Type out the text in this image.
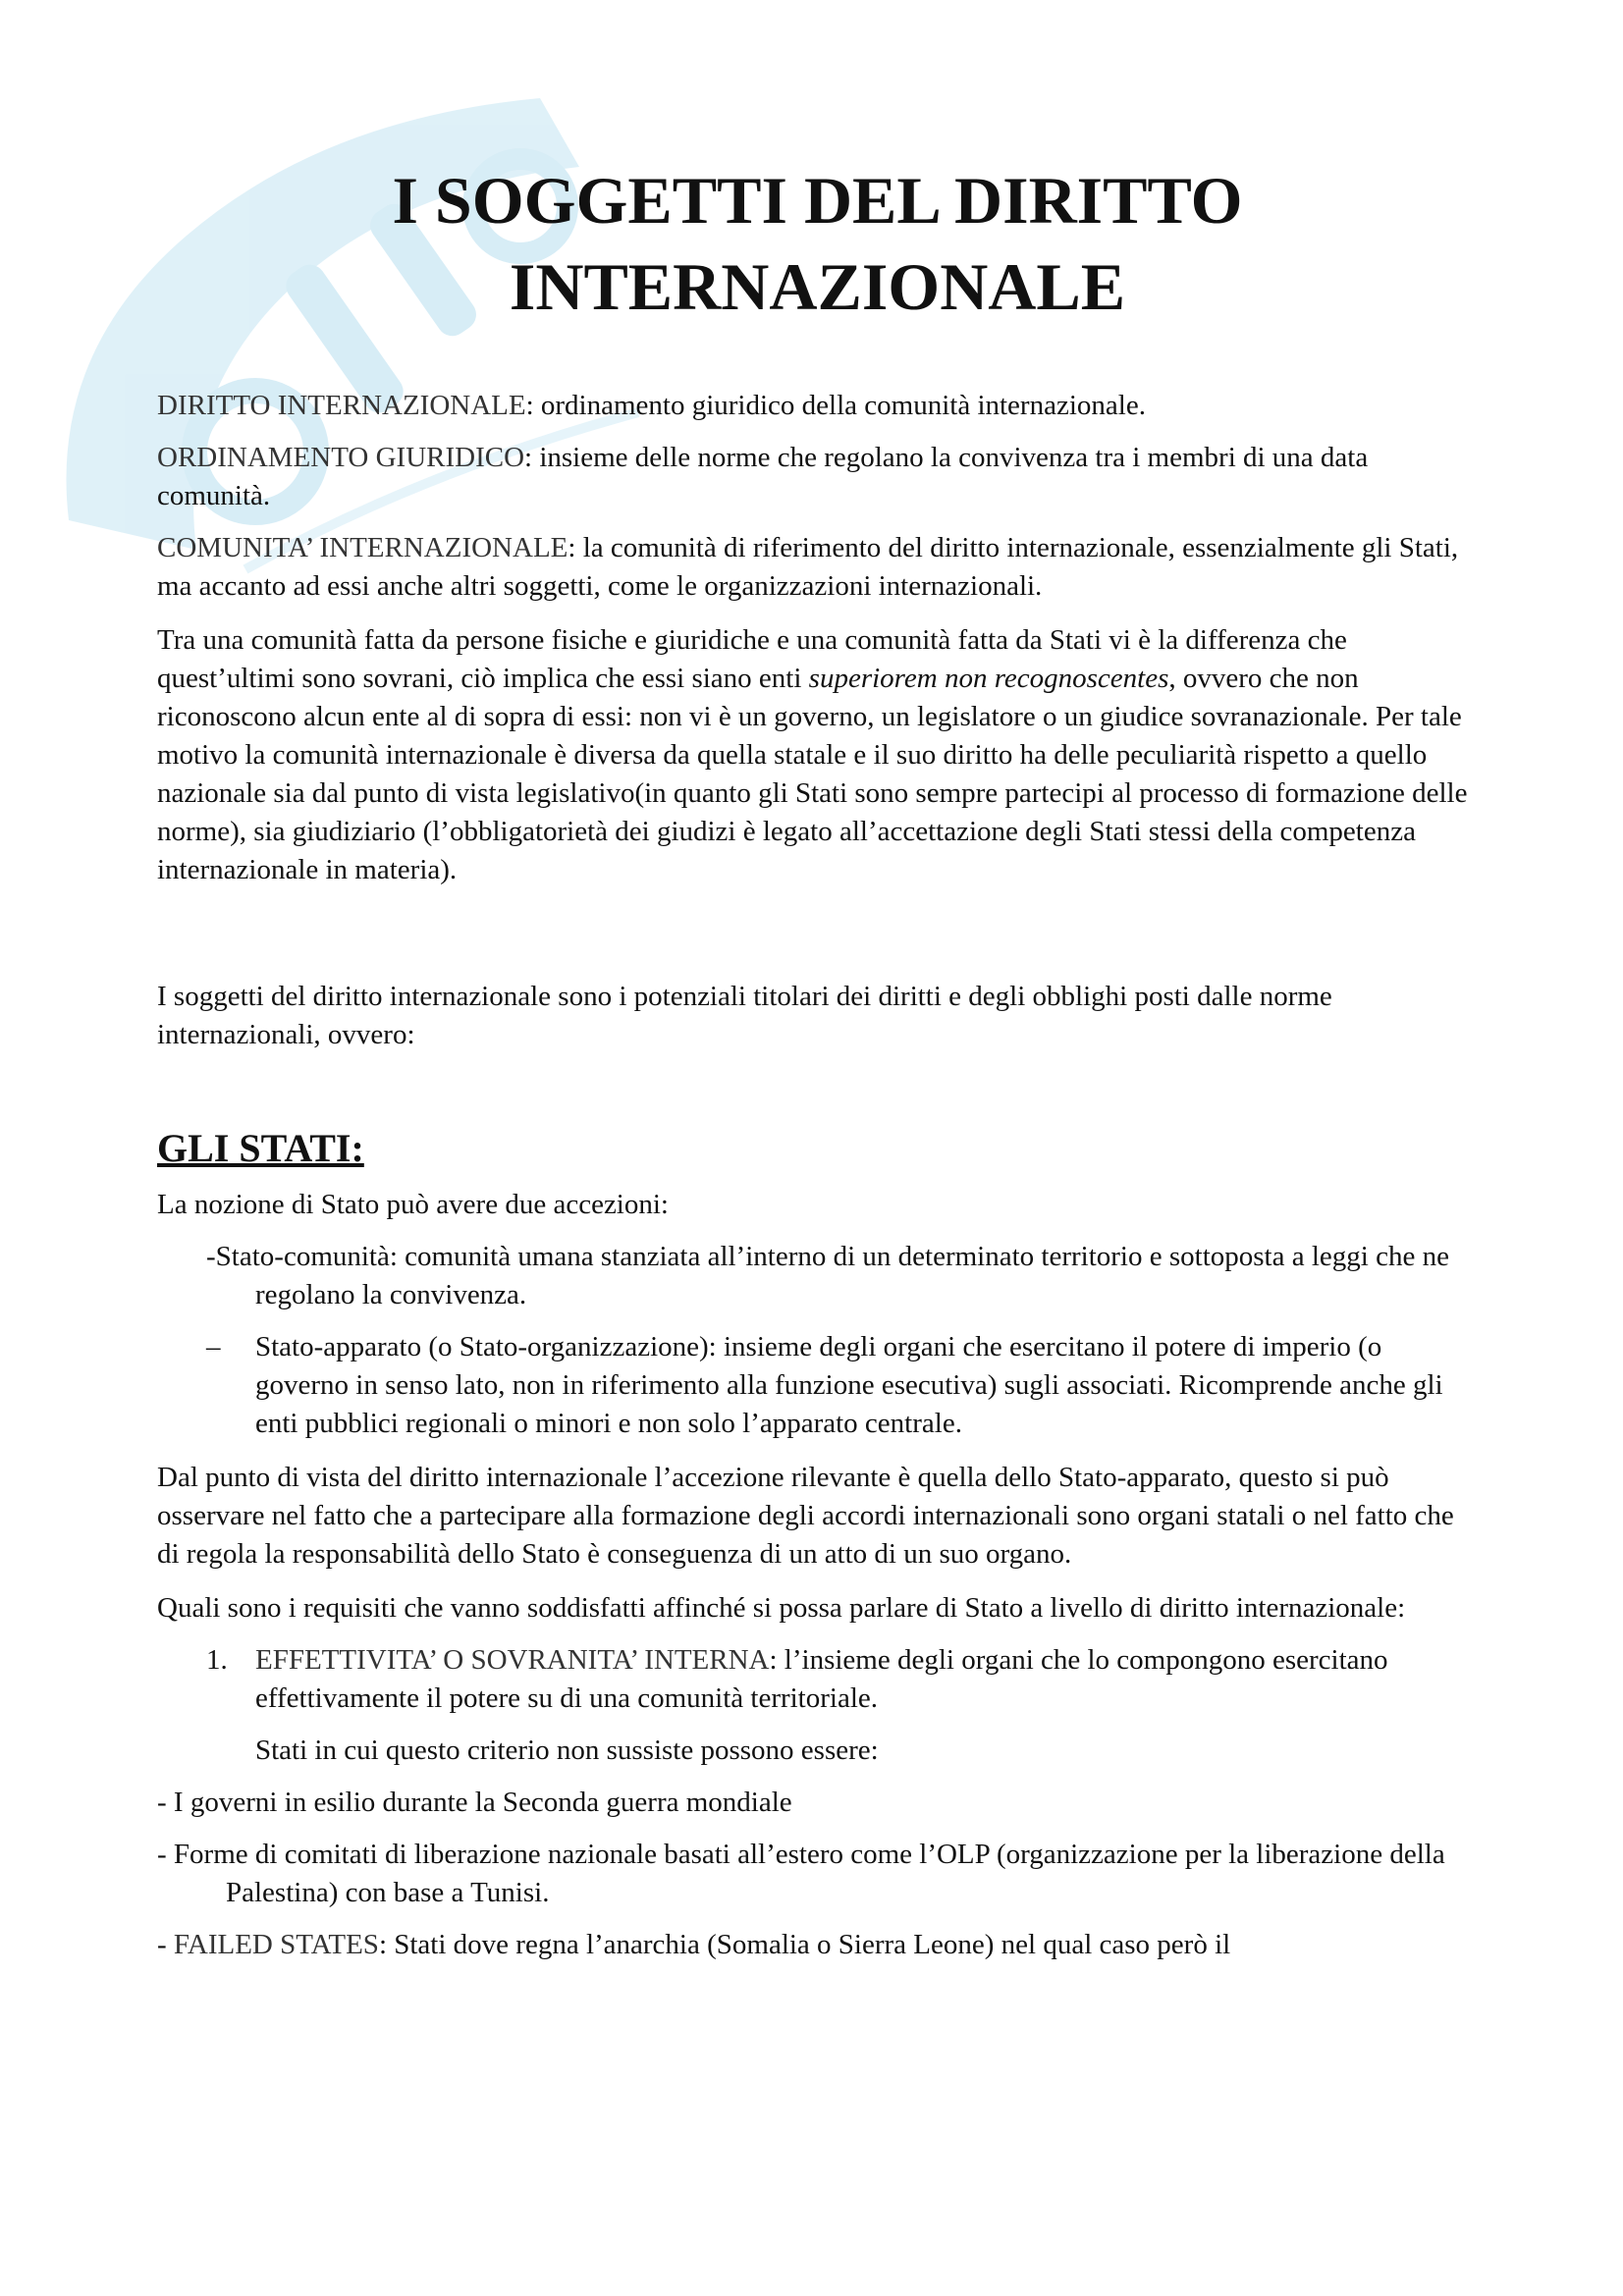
I SOGGETTI DEL DIRITTO
INTERNAZIONALE

DIRITTO INTERNAZIONALE: ordinamento giuridico della comunità internazionale.

ORDINAMENTO GIURIDICO: insieme delle norme che regolano la convivenza tra i membri di una data comunità.

COMUNITA’ INTERNAZIONALE: la comunità di riferimento del diritto internazionale, essenzialmente gli Stati, ma accanto ad essi anche altri soggetti, come le organizzazioni internazionali.

Tra una comunità fatta da persone fisiche e giuridiche e una comunità fatta da Stati vi è la differenza che quest’ultimi sono sovrani, ciò implica che essi siano enti superiorem non recognoscentes, ovvero che non riconoscono alcun ente al di sopra di essi: non vi è un governo, un legislatore o un giudice sovranazionale. Per tale motivo la comunità internazionale è diversa da quella statale e il suo diritto ha delle peculiarità rispetto a quello nazionale sia dal punto di vista legislativo(in quanto gli Stati sono sempre partecipi al processo di formazione delle norme), sia giudiziario (l’obbligatorietà dei giudizi è legato all’accettazione degli Stati stessi della competenza internazionale in materia).

I soggetti del diritto internazionale sono i potenziali titolari dei diritti e degli obblighi posti dalle norme internazionali, ovvero:

GLI STATI:

La nozione di Stato può avere due accezioni:

-Stato-comunità: comunità umana stanziata all’interno di un determinato territorio e sottoposta a leggi che ne regolano la convivenza.
– Stato-apparato (o Stato-organizzazione): insieme degli organi che esercitano il potere di imperio (o governo in senso lato, non in riferimento alla funzione esecutiva) sugli associati. Ricomprende anche gli enti pubblici regionali o minori e non solo l’apparato centrale.

Dal punto di vista del diritto internazionale l’accezione rilevante è quella dello Stato-apparato, questo si può osservare nel fatto che a partecipare alla formazione degli accordi internazionali sono organi statali o nel fatto che di regola la responsabilità dello Stato è conseguenza di un atto di un suo organo.

Quali sono i requisiti che vanno soddisfatti affinché si possa parlare di Stato a livello di diritto internazionale:

1. EFFETTIVITA’ O SOVRANITA’ INTERNA: l’insieme degli organi che lo compongono esercitano effettivamente il potere su di una comunità territoriale.

Stati in cui questo criterio non sussiste possono essere:

- I governi in esilio durante la Seconda guerra mondiale
- Forme di comitati di liberazione nazionale basati all’estero come l’OLP (organizzazione per la liberazione della Palestina) con base a Tunisi.
- FAILED STATES: Stati dove regna l’anarchia (Somalia o Sierra Leone) nel qual caso però il
